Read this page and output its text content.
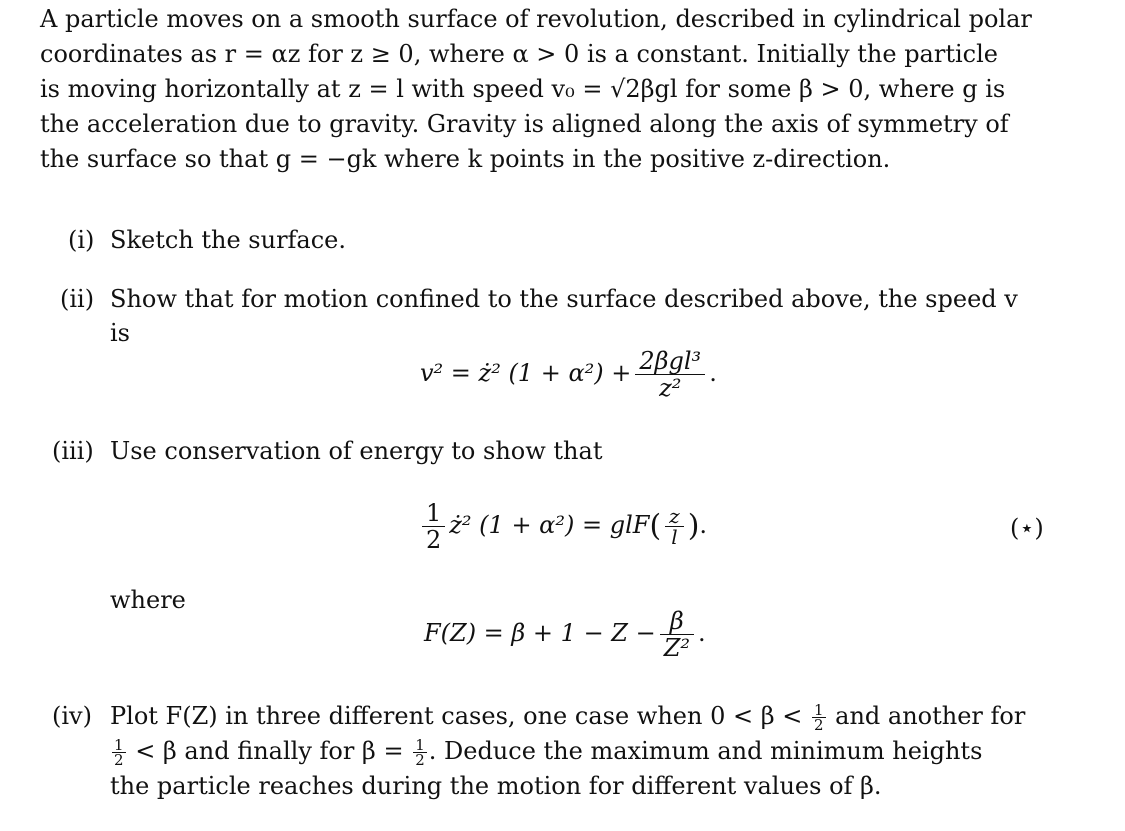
A particle moves on a smooth surface of revolution, described in cylindrical polar
coordinates as r = αz for z ≥ 0, where α > 0 is a constant. Initially the particle
is moving horizontally at z = l with speed v₀ = √2βgl for some β > 0, where g is
the acceleration due to gravity. Gravity is aligned along the axis of symmetry of
the surface so that g = −gk where k points in the positive z-direction.
(i) Sketch the surface.
(ii) Show that for motion confined to the surface described above, the speed v
is
v² = ż² $(1 + \alpha^2) + \frac{\text{2βgl³}}{\text{z²}}$ .
(iii) Use conservation of energy to show that
$\frac{1}{2}$ ż² $(1 + \alpha^2) = glF( \frac{z}{l}$ ).	(⋆)
where
$F(Z) = \beta + 1 - Z - \frac{\beta}{\text{Z²}}$ .
(iv) Plot F(Z) in three different cases, one case when $0 < \beta < \frac{1}{2}$ and another for
$\frac{1}{2} < \beta$ and finally for $\beta = \frac{1}{2}$ . Deduce the maximum and minimum heights
the particle reaches during the motion for different values of β.
